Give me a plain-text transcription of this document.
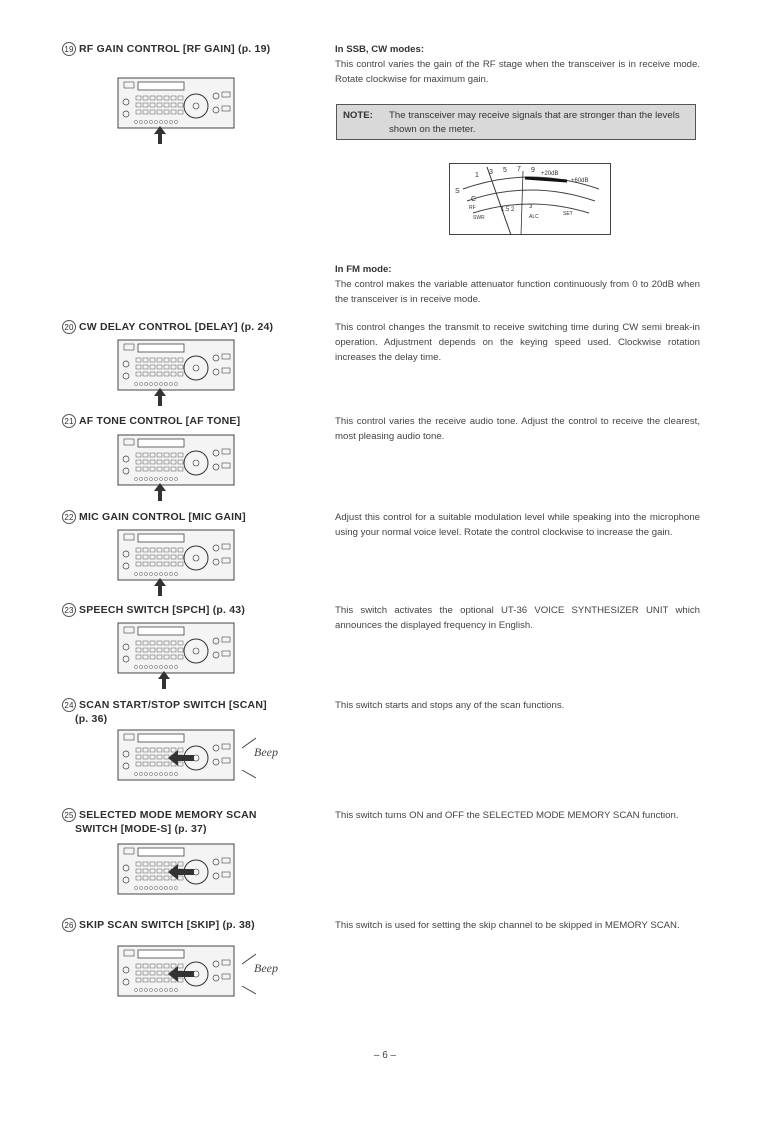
19 RF GAIN CONTROL [RF GAIN] (p. 19)	In SSB, CW modes:
This control varies the gain of the RF stage when the transceiver is in receive mode. Rotate clockwise for maximum gain.
NOTE: The transceiver may receive signals that are stronger than the levels shown on the meter.
S
1 3 5 7 9 +20dB
+60dB
C
RF
SWR
1.5 2 3
ALC	SET
In FM mode:
The control makes the variable attenuator function continuously from 0 to 20dB when the transceiver is in receive mode.
20 CW DELAY CONTROL [DELAY] (p. 24)	This control changes the transmit to receive switching time during CW semi break-in operation. Adjustment depends on the keying speed used. Clockwise rotation increases the delay time.
21 AF TONE CONTROL [AF TONE]	This control varies the receive audio tone. Adjust the control to receive the clearest, most pleasing audio tone.
22 MIC GAIN CONTROL [MIC GAIN]	Adjust this control for a suitable modulation level while speaking into the microphone using your normal voice level. Rotate the control clockwise to increase the gain.
23 SPEECH SWITCH [SPCH] (p. 43)	This switch activates the optional UT-36 VOICE SYNTHESIZER UNIT which announces the displayed frequency in English.
24 SCAN START/STOP SWITCH [SCAN]
(p. 36)
This switch starts and stops any of the scan functions.
25 SELECTED MODE MEMORY SCAN
SWITCH [MODE-S] (p. 37)
This switch turns ON and OFF the SELECTED MODE MEMORY SCAN function.
26 SKIP SCAN SWITCH [SKIP] (p. 38)	This switch is used for setting the skip channel to be skipped in MEMORY SCAN.
Beep
Beep
– 6 –
